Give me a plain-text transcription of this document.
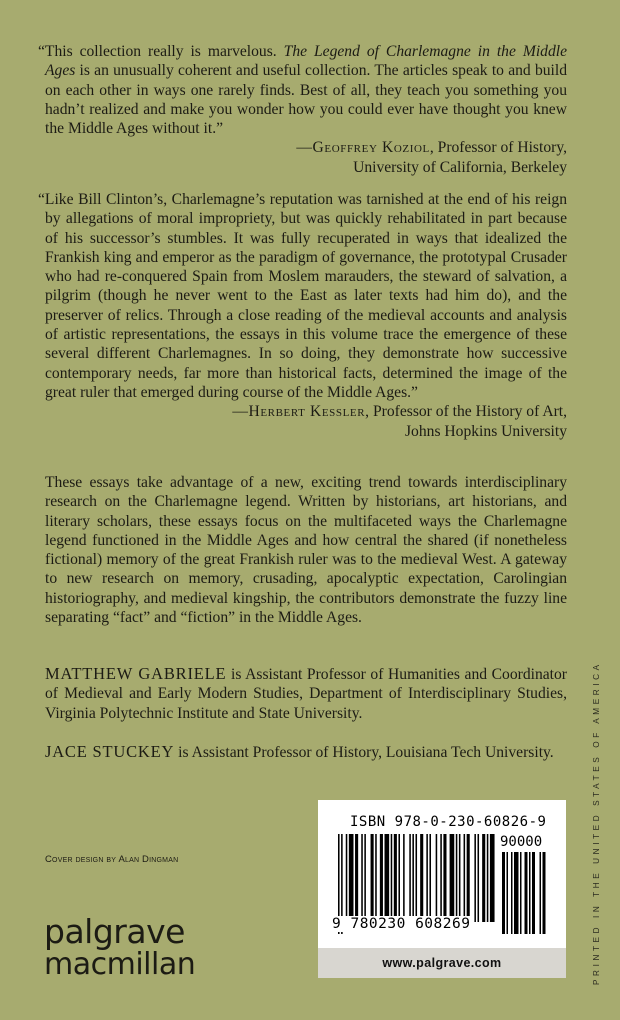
“This collection really is marvelous. The Legend of Charlemagne in the Middle Ages is an unusually coherent and useful collection. The articles speak to and build on each other in ways one rarely finds. Best of all, they teach you something you hadn’t realized and make you wonder how you could ever have thought you knew the Middle Ages without it.”

—Geoffrey Koziol, Professor of History,

University of California, Berkeley

“Like Bill Clinton’s, Charlemagne’s reputation was tarnished at the end of his reign by allegations of moral impropriety, but was quickly rehabilitated in part because of his successor’s stumbles. It was fully recuperated in ways that idealized the Frankish king and emperor as the paradigm of governance, the prototypal Crusader who had re-conquered Spain from Moslem marauders, the steward of salvation, a pilgrim (though he never went to the East as later texts had him do), and the preserver of relics. Through a close reading of the medieval accounts and analysis of artistic representations, the essays in this volume trace the emergence of these several different Charlemagnes. In so doing, they demonstrate how successive contemporary needs, far more than historical facts, determined the image of the great ruler that emerged during course of the Middle Ages.”

—Herbert Kessler, Professor of the History of Art,

Johns Hopkins University

These essays take advantage of a new, exciting trend towards interdisciplinary research on the Charlemagne legend. Written by historians, art historians, and literary scholars, these essays focus on the multifaceted ways the Charlemagne legend functioned in the Middle Ages and how central the shared (if nonetheless fictional) memory of the great Frankish ruler was to the medieval West. A gateway to new research on memory, crusading, apocalyptic expectation, Carolingian historiography, and medieval kingship, the contributors demonstrate the fuzzy line separating “fact” and “fiction” in the Middle Ages.

MATTHEW GABRIELE is Assistant Professor of Humanities and Coordinator of Medieval and Early Modern Studies, Department of Interdisciplinary Studies, Virginia Polytechnic Institute and State University.

JACE STUCKEY is Assistant Professor of History, Louisiana Tech University.

Cover design by Alan Dingman
palgrave
macmillan
ISBN 978-0-230-60826-9
90000
9 780230 608269
www.palgrave.com	PRINTED IN THE UNITED STATES OF AMERICA
